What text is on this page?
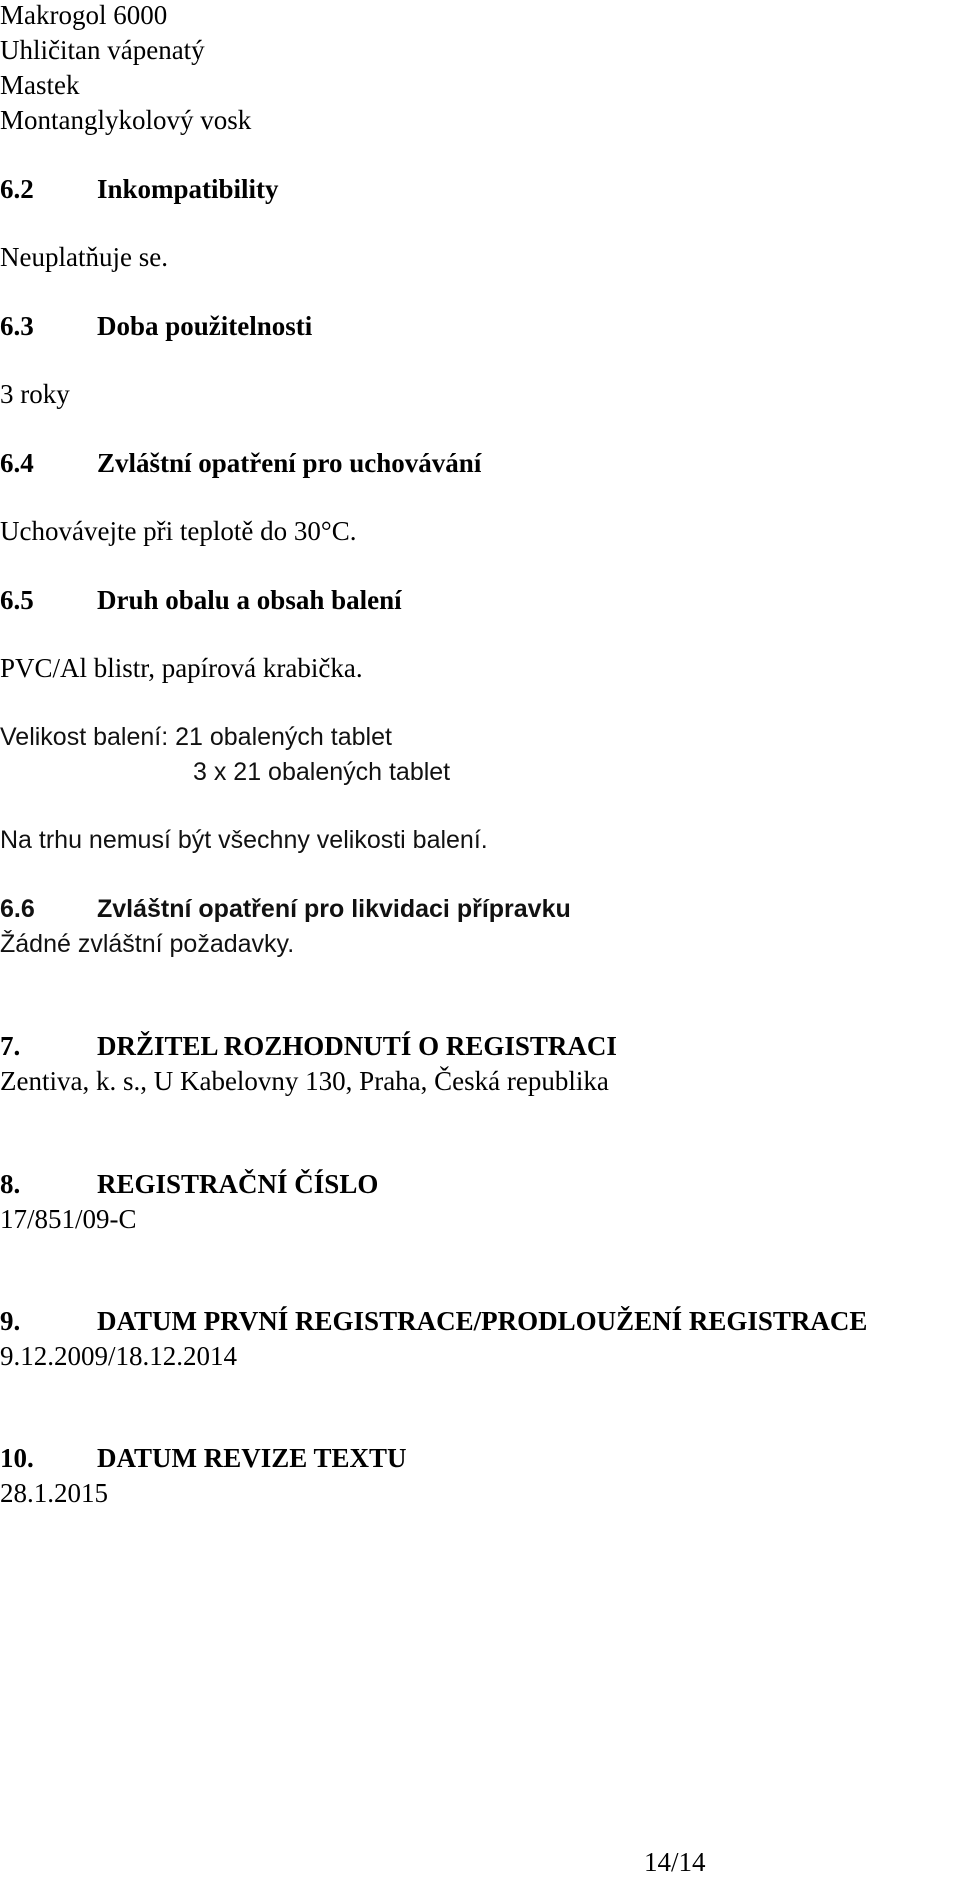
Makrogol 6000
Uhličitan vápenatý
Mastek
Montanglykolový vosk
6.2 Inkompatibility
Neuplatňuje se.
6.3 Doba použitelnosti
3 roky
6.4 Zvláštní opatření pro uchovávání
Uchovávejte při teplotě do 30°C.
6.5 Druh obalu a obsah balení
PVC/Al blistr, papírová krabička.
Velikost balení: 21 obalených tablet
3 x 21 obalených tablet
Na trhu nemusí být všechny velikosti balení.
6.6 Zvláštní opatření pro likvidaci přípravku
Žádné zvláštní požadavky.
7.	DRŽITEL ROZHODNUTÍ O REGISTRACI
Zentiva, k. s., U Kabelovny 130, Praha, Česká republika
8.	REGISTRAČNÍ ČÍSLO
17/851/09-C
9.	DATUM PRVNÍ REGISTRACE/PRODLOUŽENÍ REGISTRACE
9.12.2009/18.12.2014
10. DATUM REVIZE TEXTU
28.1.2015
14/14
